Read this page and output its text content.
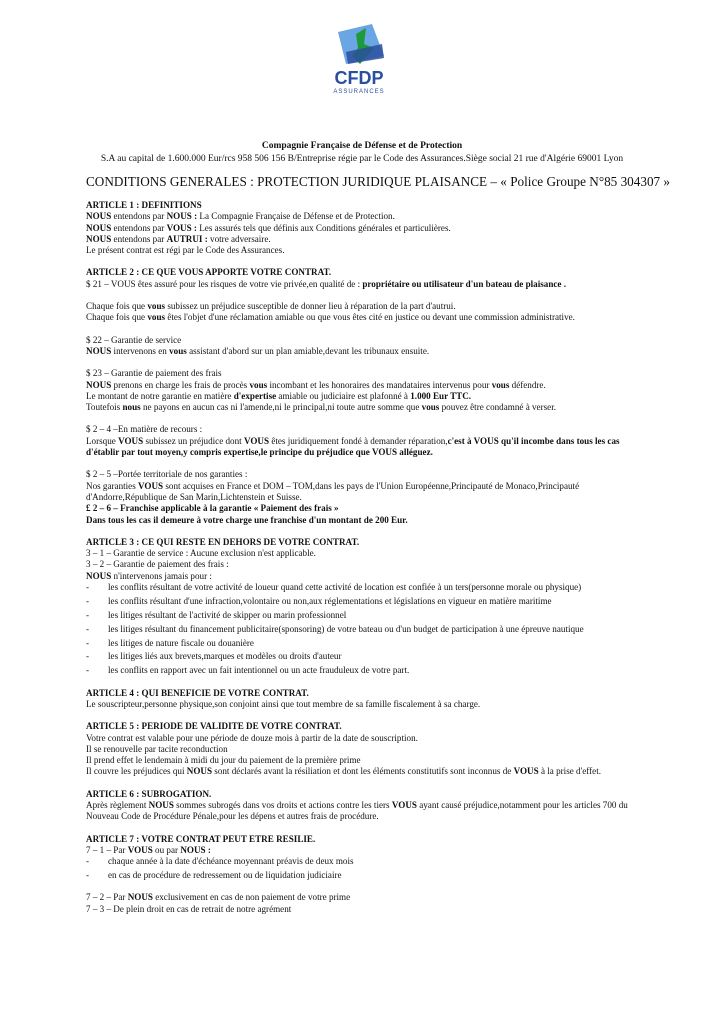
CFDP
ASSURANCES
Compagnie Française de Défense et de Protection
S.A au capital de 1.600.000 Eur/rcs 958 506 156 B/Entreprise régie par le Code des Assurances.Siège social 21 rue d'Algérie 69001 Lyon
CONDITIONS GENERALES : PROTECTION JURIDIQUE PLAISANCE – « Police Groupe N°85 304307 »
ARTICLE 1 : DEFINITIONS

NOUS entendons par NOUS : La Compagnie Française de Défense et de Protection.

NOUS entendons par VOUS : Les assurés tels que définis aux Conditions générales et particulières.

NOUS entendons par AUTRUI : votre adversaire.

Le présent contrat est régi par le Code des Assurances.

ARTICLE 2 : CE QUE VOUS APPORTE VOTRE CONTRAT.

$ 21 – VOUS êtes assuré pour les risques de votre vie privée,en qualité de : propriétaire ou utilisateur d'un bateau de plaisance .

Chaque fois que vous subissez un préjudice susceptible de donner lieu à réparation de la part d'autrui.

Chaque fois que vous êtes l'objet d'une réclamation amiable ou que vous êtes cité en justice ou devant une commission administrative.

$ 22 – Garantie de service

NOUS intervenons en vous assistant d'abord sur un plan amiable,devant les tribunaux ensuite.

$ 23 – Garantie de paiement des frais

NOUS prenons en charge les frais de procès vous incombant et les honoraires des mandataires intervenus pour vous défendre.

Le montant de notre garantie en matière d'expertise amiable ou judiciaire est plafonné à 1.000 Eur TTC.

Toutefois nous ne payons en aucun cas ni l'amende,ni le principal,ni toute autre somme que vous pouvez être condamné à verser.

$ 2 – 4 –En matière de recours :

Lorsque VOUS subissez un préjudice dont VOUS êtes juridiquement fondé à demander réparation,c'est à VOUS qu'il incombe dans tous les cas d'établir par tout moyen,y compris expertise,le principe du préjudice que VOUS alléguez.

$ 2 – 5 –Portée territoriale de nos garanties :

Nos garanties VOUS sont acquises en France et DOM – TOM,dans les pays de l'Union Européenne,Principauté de Monaco,Principauté d'Andorre,République de San Marin,Lichtenstein et Suisse.

£ 2 – 6 – Franchise applicable à la garantie « Paiement des frais »

Dans tous les cas il demeure à votre charge une franchise d'un montant de 200 Eur.

ARTICLE 3 : CE QUI RESTE EN DEHORS DE VOTRE CONTRAT.

3 – 1 – Garantie de service : Aucune exclusion n'est applicable.

3 – 2 – Garantie de paiement des frais :

NOUS n'intervenons jamais pour :

- les conflits résultant de votre activité de loueur quand cette activité de location est confiée à un ters(personne morale ou physique)
- les conflits résultant d'une infraction,volontaire ou non,aux réglementations et législations en vigueur en matière maritime
- les litiges résultant de l'activité de skipper ou marin professionnel
- les litiges résultant du financement publicitaire(sponsoring) de votre bateau ou d'un budget de participation à une épreuve nautique
- les litiges de nature fiscale ou douanière
- les litiges liés aux brevets,marques et modèles ou droits d'auteur
- les conflits en rapport avec un fait intentionnel ou un acte frauduleux de votre part.
ARTICLE 4 : QUI BENEFICIE DE VOTRE CONTRAT.

Le souscripteur,personne physique,son conjoint ainsi que tout membre de sa famille fiscalement à sa charge.

ARTICLE 5 : PERIODE DE VALIDITE DE VOTRE CONTRAT.

Votre contrat est valable pour une période de douze mois à partir de la date de souscription.

Il se renouvelle par tacite reconduction

Il prend effet le lendemain à midi du jour du paiement de la première prime

Il couvre les préjudices qui NOUS sont déclarés avant la résiliation et dont les éléments constitutifs sont inconnus de VOUS à la prise d'effet.

ARTICLE 6 : SUBROGATION.

Après règlement NOUS sommes subrogés dans vos droits et actions contre les tiers VOUS ayant causé préjudice,notamment pour les articles 700 du Nouveau Code de Procédure Pénale,pour les dépens et autres frais de procédure.

ARTICLE 7 : VOTRE CONTRAT PEUT ETRE RESILIE.

7 – 1 – Par VOUS ou par NOUS :

- chaque année à la date d'échéance moyennant préavis de deux mois
- en cas de procédure de redressement ou de liquidation judiciaire

7 – 2 – Par NOUS exclusivement en cas de non paiement de votre prime

7 – 3 – De plein droit en cas de retrait de notre agrément
